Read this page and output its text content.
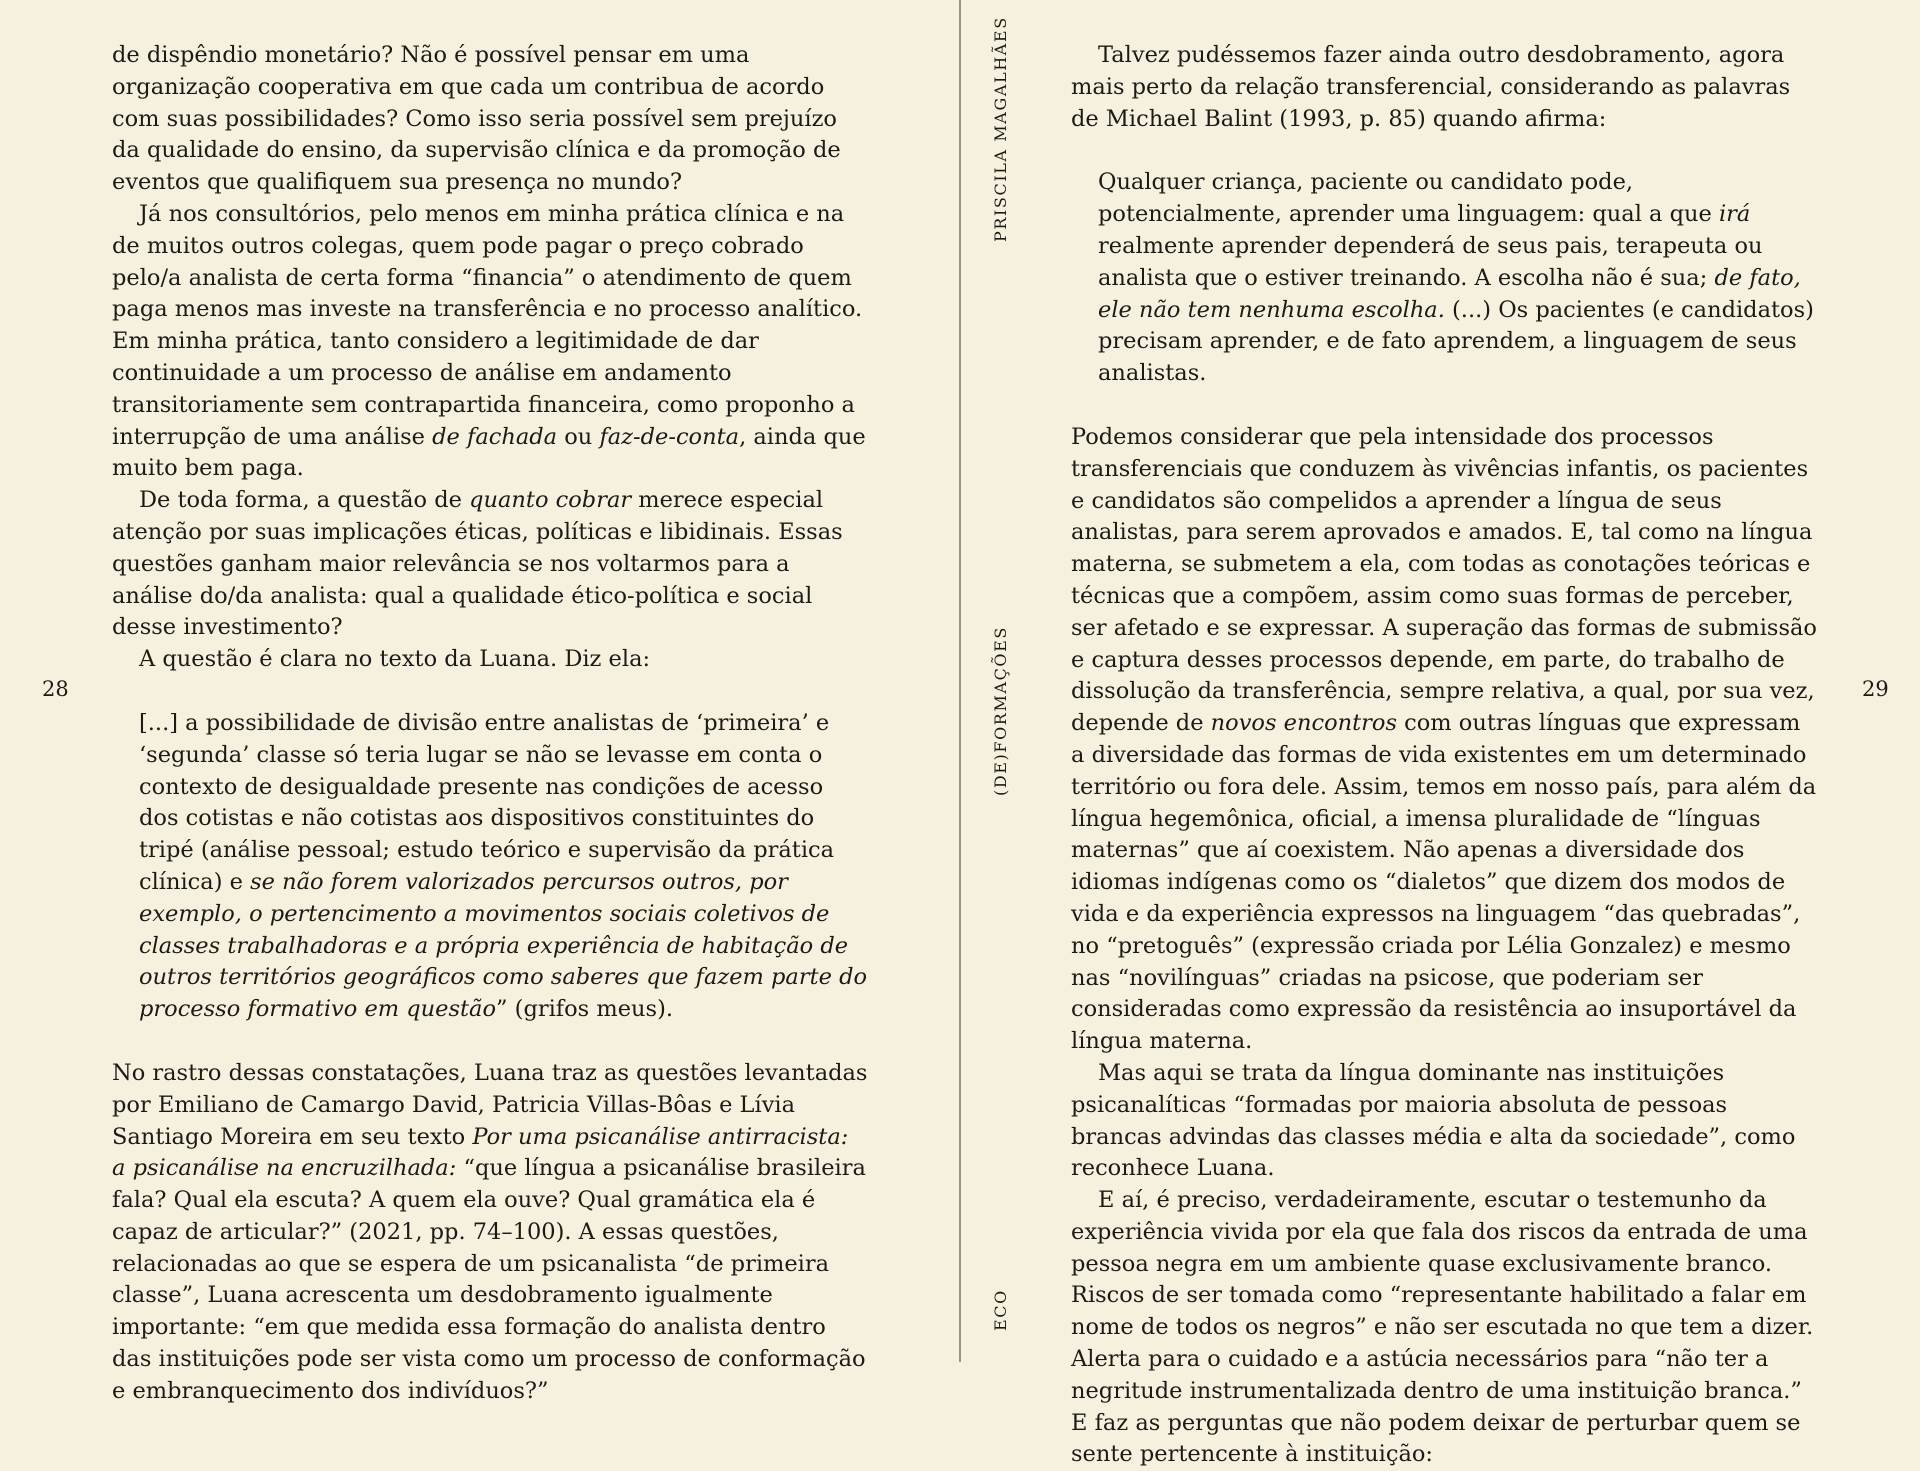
de dispêndio monetário? Não é possível pensar em uma organização cooperativa em que cada um contribua de acordo com suas possibilidades? Como isso seria possível sem prejuízo da qualidade do ensino, da supervisão clínica e da promoção de eventos que qualifiquem sua presença no mundo?

Já nos consultórios, pelo menos em minha prática clínica e na de muitos outros colegas, quem pode pagar o preço cobrado pelo/a analista de certa forma “financia” o atendimento de quem paga menos mas investe na transferência e no processo analítico. Em minha prática, tanto considero a legitimidade de dar continuidade a um processo de análise em andamento transitoriamente sem contrapartida financeira, como proponho a interrupção de uma análise de fachada ou faz-de-conta, ainda que muito bem paga.

De toda forma, a questão de quanto cobrar merece especial atenção por suas implicações éticas, políticas e libidinais. Essas questões ganham maior relevância se nos voltarmos para a análise do/da analista: qual a qualidade ético-política e social desse investimento?

A questão é clara no texto da Luana. Diz ela:

[...] a possibilidade de divisão entre analistas de ‘primeira’ e ‘segunda’ classe só teria lugar se não se levasse em conta o contexto de desigualdade presente nas condições de acesso dos cotistas e não cotistas aos dispositivos constituintes do tripé (análise pessoal; estudo teórico e supervisão da prática clínica) e se não forem valorizados percursos outros, por exemplo, o pertencimento a movimentos sociais coletivos de classes trabalhadoras e a própria experiência de habitação de outros territórios geográficos como saberes que fazem parte do processo formativo em questão” (grifos meus).

No rastro dessas constatações, Luana traz as questões levantadas por Emiliano de Camargo David, Patricia Villas-Bôas e Lívia Santiago Moreira em seu texto Por uma psicanálise antirracista: a psicanálise na encruzilhada: “que língua a psicanálise brasileira fala? Qual ela escuta? A quem ela ouve? Qual gramática ela é capaz de articular?” (2021, pp. 74–100). A essas questões, relacionadas ao que se espera de um psicanalista “de primeira classe”, Luana acrescenta um desdobramento igualmente importante: “em que medida essa formação do analista dentro das instituições pode ser vista como um processo de conformação e embranquecimento dos indivíduos?”

28
PRISCILA MAGALHÃES
(DE)FORMAÇÕES
ECO

Talvez pudéssemos fazer ainda outro desdobramento, agora mais perto da relação transferencial, considerando as palavras de Michael Balint (1993, p. 85) quando afirma:

Qualquer criança, paciente ou candidato pode, potencialmente, aprender uma linguagem: qual a que irá realmente aprender dependerá de seus pais, terapeuta ou analista que o estiver treinando. A escolha não é sua; de fato, ele não tem nenhuma escolha. (...) Os pacientes (e candidatos) precisam aprender, e de fato aprendem, a linguagem de seus analistas.

Podemos considerar que pela intensidade dos processos transferenciais que conduzem às vivências infantis, os pacientes e candidatos são compelidos a aprender a língua de seus analistas, para serem aprovados e amados. E, tal como na língua materna, se submetem a ela, com todas as conotações teóricas e técnicas que a compõem, assim como suas formas de perceber, ser afetado e se expressar. A superação das formas de submissão e captura desses processos depende, em parte, do trabalho de dissolução da transferência, sempre relativa, a qual, por sua vez, depende de novos encontros com outras línguas que expressam a diversidade das formas de vida existentes em um determinado território ou fora dele. Assim, temos em nosso país, para além da língua hegemônica, oficial, a imensa pluralidade de “línguas maternas” que aí coexistem. Não apenas a diversidade dos idiomas indígenas como os “dialetos” que dizem dos modos de vida e da experiência expressos na linguagem “das quebradas”, no “pretoguês” (expressão criada por Lélia Gonzalez) e mesmo nas “novilínguas” criadas na psicose, que poderiam ser consideradas como expressão da resistência ao insuportável da língua materna.

Mas aqui se trata da língua dominante nas instituições psicanalíticas “formadas por maioria absoluta de pessoas brancas advindas das classes média e alta da sociedade”, como reconhece Luana.

E aí, é preciso, verdadeiramente, escutar o testemunho da experiência vivida por ela que fala dos riscos da entrada de uma pessoa negra em um ambiente quase exclusivamente branco. Riscos de ser tomada como “representante habilitado a falar em nome de todos os negros” e não ser escutada no que tem a dizer. Alerta para o cuidado e a astúcia necessários para “não ter a negritude instrumentalizada dentro de uma instituição branca.” E faz as perguntas que não podem deixar de perturbar quem se sente pertencente à instituição:

29
